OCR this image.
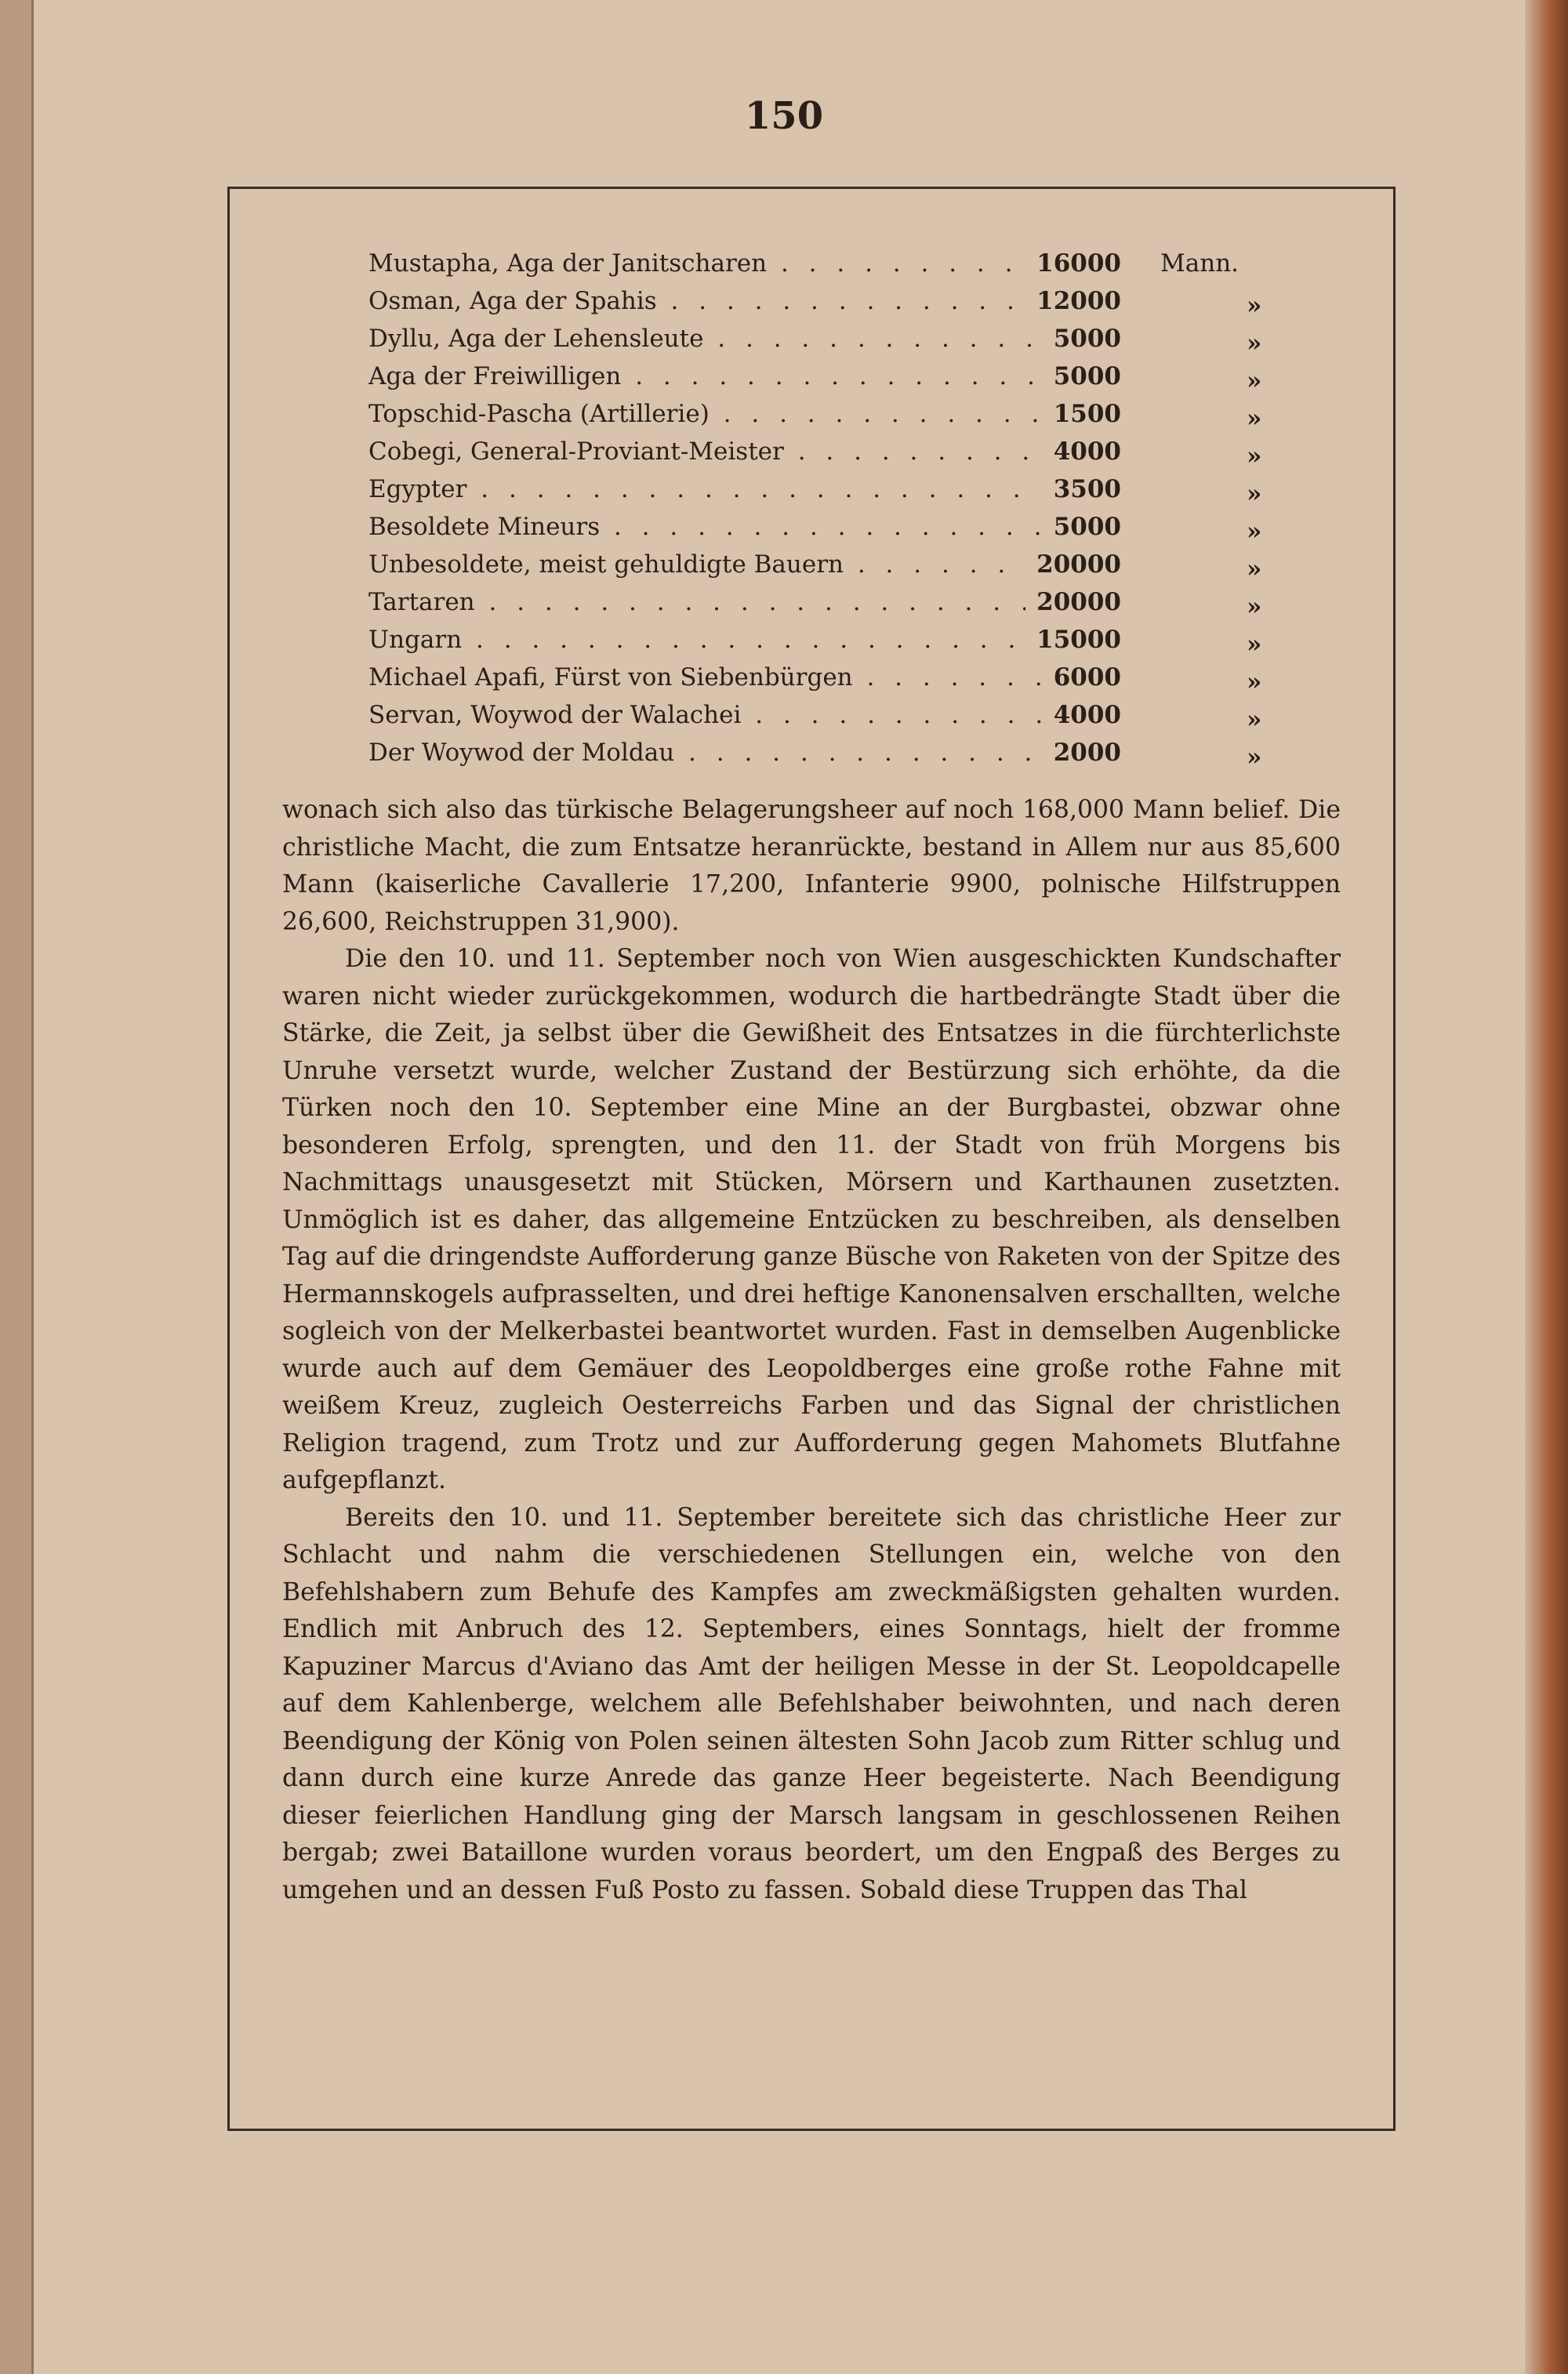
150
Mustapha, Aga der Janitscharen . . .	16000 Mann.
Osman, Aga der Spahis . . .	12000	»
Dyllu, Aga der Lehensleute . . .	5000	»
Aga der Freiwilligen . . .	5000	»
Topschid-Pascha (Artillerie) . . .	1500	»
Cobegi, General-Proviant-Meister . . .	4000	»
Egypter . . .	3500	»
Besoldete Mineurs . . .	5000	»
Unbesoldete, meist gehuldigte Bauern . . .	20000	»
Tartaren . . .	20000	»
Ungarn . . .	15000	»
Michael Apafi, Fürst von Siebenbürgen . . .	6000	»
Servan, Woywod der Walachei . . .	4000	»
Der Woywod der Moldau . . .	2000	»

wonach sich also das türkische Belagerungsheer auf noch 168,000 Mann belief. Die christliche Macht, die zum Entsatze heranrückte, bestand in Allem nur aus 85,600 Mann (kaiserliche Cavallerie 17,200, Infanterie 9900, polnische Hilfstruppen 26,600, Reichstruppen 31,900).

Die den 10. und 11. September noch von Wien ausgeschickten Kundschafter waren nicht wieder zurückgekommen, wodurch die hartbedrängte Stadt über die Stärke, die Zeit, ja selbst über die Gewißheit des Entsatzes in die fürchterlichste Unruhe versetzt wurde, welcher Zustand der Bestürzung sich erhöhte, da die Türken noch den 10. September eine Mine an der Burgbastei, obzwar ohne besonderen Erfolg, sprengten, und den 11. der Stadt von früh Morgens bis Nachmittags unausgesetzt mit Stücken, Mörsern und Karthaunen zusetzten. Unmöglich ist es daher, das allgemeine Entzücken zu beschreiben, als denselben Tag auf die dringendste Aufforderung ganze Büsche von Raketen von der Spitze des Hermannskogels aufprasselten, und drei heftige Kanonensalven erschallten, welche sogleich von der Melkerbastei beantwortet wurden. Fast in demselben Augenblicke wurde auch auf dem Gemäuer des Leopoldberges eine große rothe Fahne mit weißem Kreuz, zugleich Oesterreichs Farben und das Signal der christlichen Religion tragend, zum Trotz und zur Aufforderung gegen Mahomets Blutfahne aufgepflanzt.

Bereits den 10. und 11. September bereitete sich das christliche Heer zur Schlacht und nahm die verschiedenen Stellungen ein, welche von den Befehlshabern zum Behufe des Kampfes am zweckmäßigsten gehalten wurden. Endlich mit Anbruch des 12. Septembers, eines Sonntags, hielt der fromme Kapuziner Marcus d'Aviano das Amt der heiligen Messe in der St. Leopoldcapelle auf dem Kahlenberge, welchem alle Befehlshaber beiwohnten, und nach deren Beendigung der König von Polen seinen ältesten Sohn Jacob zum Ritter schlug und dann durch eine kurze Anrede das ganze Heer begeisterte. Nach Beendigung dieser feierlichen Handlung ging der Marsch langsam in geschlossenen Reihen bergab; zwei Bataillone wurden voraus beordert, um den Engpaß des Berges zu umgehen und an dessen Fuß Posto zu fassen. Sobald diese Truppen das Thal
